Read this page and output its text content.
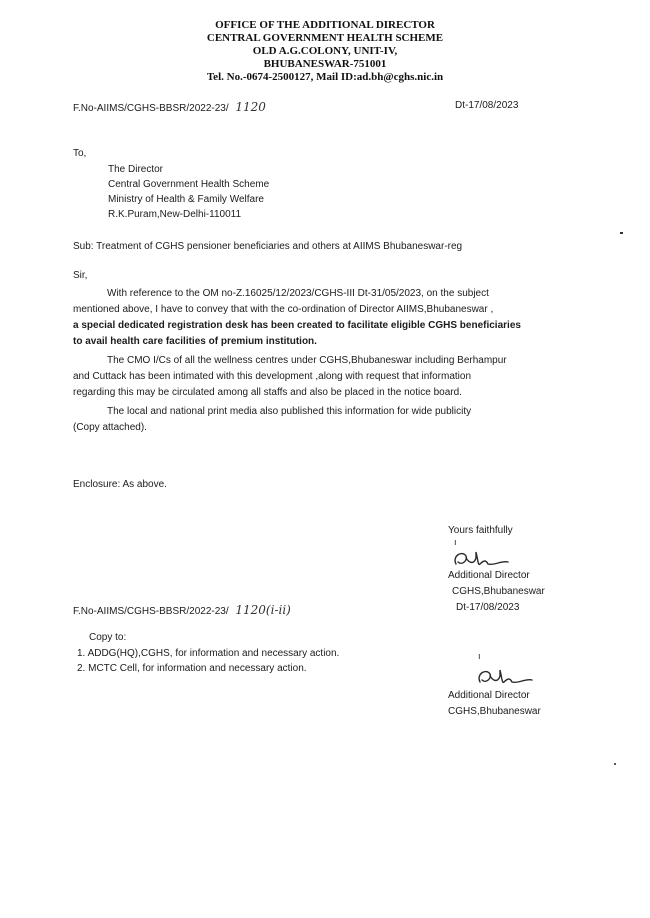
OFFICE OF THE ADDITIONAL DIRECTOR
CENTRAL GOVERNMENT HEALTH SCHEME
OLD A.G.COLONY, UNIT-IV,
BHUBANESWAR-751001
Tel. No.-0674-2500127, Mail ID:ad.bh@cghs.nic.in
F.No-AIIMS/CGHS-BBSR/2022-23/ 1120	Dt-17/08/2023
To,
The Director
Central Government Health Scheme
Ministry of Health & Family Welfare
R.K.Puram,New-Delhi-110011
Sub: Treatment of CGHS pensioner beneficiaries and others at AIIMS Bhubaneswar-reg
Sir,
With reference to the OM no-Z.16025/12/2023/CGHS-III Dt-31/05/2023, on the subject
mentioned above, I have to convey that with the co-ordination of Director AIIMS,Bhubaneswar ,
a special dedicated registration desk has been created to facilitate eligible CGHS beneficiaries
to avail health care facilities of premium institution.
The CMO I/Cs of all the wellness centres under CGHS,Bhubaneswar including Berhampur
and Cuttack has been intimated with this development ,along with request that information
regarding this may be circulated among all staffs and also be placed in the notice board.
The local and national print media also published this information for wide publicity
(Copy attached).
Enclosure: As above.
Yours faithfully
ı
Additional Director
CGHS,Bhubaneswar
Dt-17/08/2023
F.No-AIIMS/CGHS-BBSR/2022-23/ 1120(i-ii)
Copy to:
1. ADDG(HQ),CGHS, for information and necessary action.
2. MCTC Cell, for information and necessary action.
ı
Additional Director
CGHS,Bhubaneswar
